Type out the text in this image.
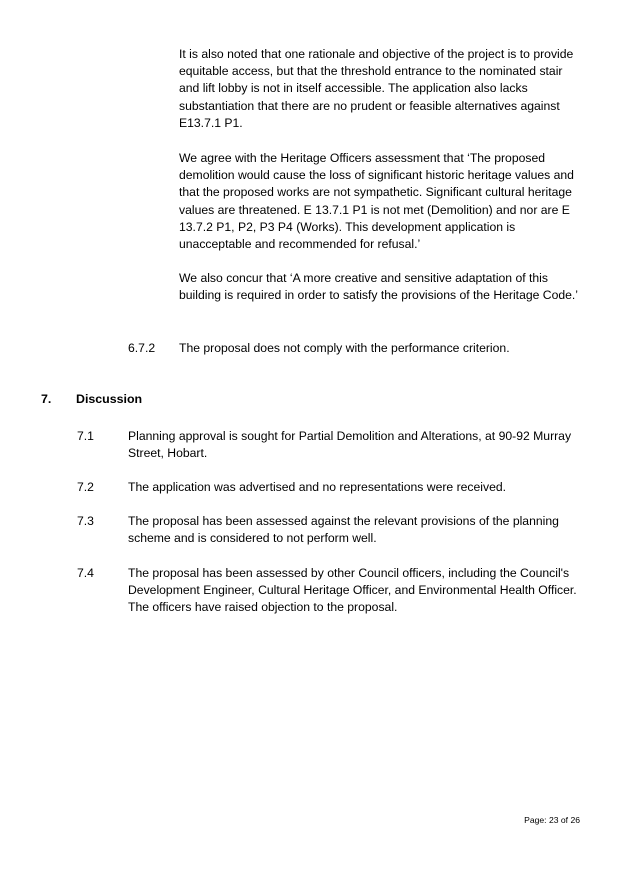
It is also noted that one rationale and objective of the project is to provide equitable access, but that the threshold entrance to the nominated stair and lift lobby is not in itself accessible. The application also lacks substantiation that there are no prudent or feasible alternatives against E13.7.1 P1.

We agree with the Heritage Officers assessment that ‘The proposed demolition would cause the loss of significant historic heritage values and that the proposed works are not sympathetic. Significant cultural heritage values are threatened. E 13.7.1 P1 is not met (Demolition) and nor are E 13.7.2 P1, P2, P3 P4 (Works). This development application is unacceptable and recommended for refusal.’

We also concur that ‘A more creative and sensitive adaptation of this building is required in order to satisfy the provisions of the Heritage Code.’

6.7.2 The proposal does not comply with the performance criterion.
7. Discussion
7.1	Planning approval is sought for Partial Demolition and Alterations, at 90-92 Murray Street, Hobart.
7.2	The application was advertised and no representations were received.
7.3	The proposal has been assessed against the relevant provisions of the planning scheme and is considered to not perform well.
7.4	The proposal has been assessed by other Council officers, including the Council's Development Engineer, Cultural Heritage Officer, and Environmental Health Officer. The officers have raised objection to the proposal.
Page: 23 of 26
